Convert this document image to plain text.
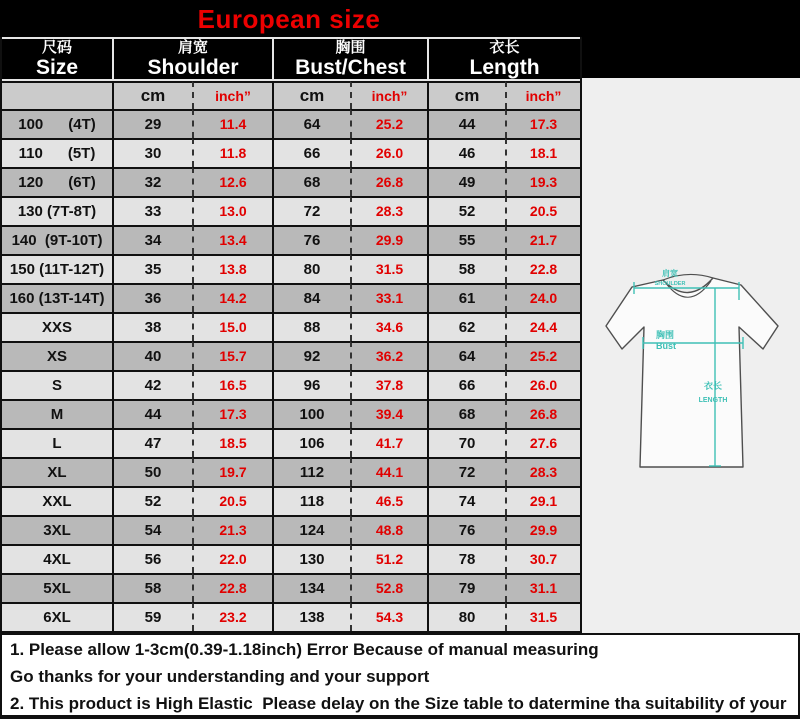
European size
尺码
Size

肩宽
Shoulder

胸围
Bust/Chest

衣长
Length

	cm	inch”	cm	inch”	cm	inch”
100      (4T)	29	11.4	64	25.2	44	17.3
110      (5T)	30	11.8	66	26.0	46	18.1
120      (6T)	32	12.6	68	26.8	49	19.3
130 (7T-8T)	33	13.0	72	28.3	52	20.5
140  (9T-10T)	34	13.4	76	29.9	55	21.7
150 (11T-12T)	35	13.8	80	31.5	58	22.8
160 (13T-14T)	36	14.2	84	33.1	61	24.0
XXS	38	15.0	88	34.6	62	24.4
XS	40	15.7	92	36.2	64	25.2
S	42	16.5	96	37.8	66	26.0
M	44	17.3	100	39.4	68	26.8
L	47	18.5	106	41.7	70	27.6
XL	50	19.7	112	44.1	72	28.3
XXL	52	20.5	118	46.5	74	29.1
3XL	54	21.3	124	48.8	76	29.9
4XL	56	22.0	130	51.2	78	30.7
5XL	58	22.8	134	52.8	79	31.1
6XL	59	23.2	138	54.3	80	31.5
肩宽
SHOULDER
胸围
Bust
衣长
LENGTH
1. Please allow 1-3cm(0.39-1.18inch) Error Because of manual measuring
Go thanks for your understanding and your support
2. This product is High Elastic  Please delay on the Size table to datermine tha suitability of your
